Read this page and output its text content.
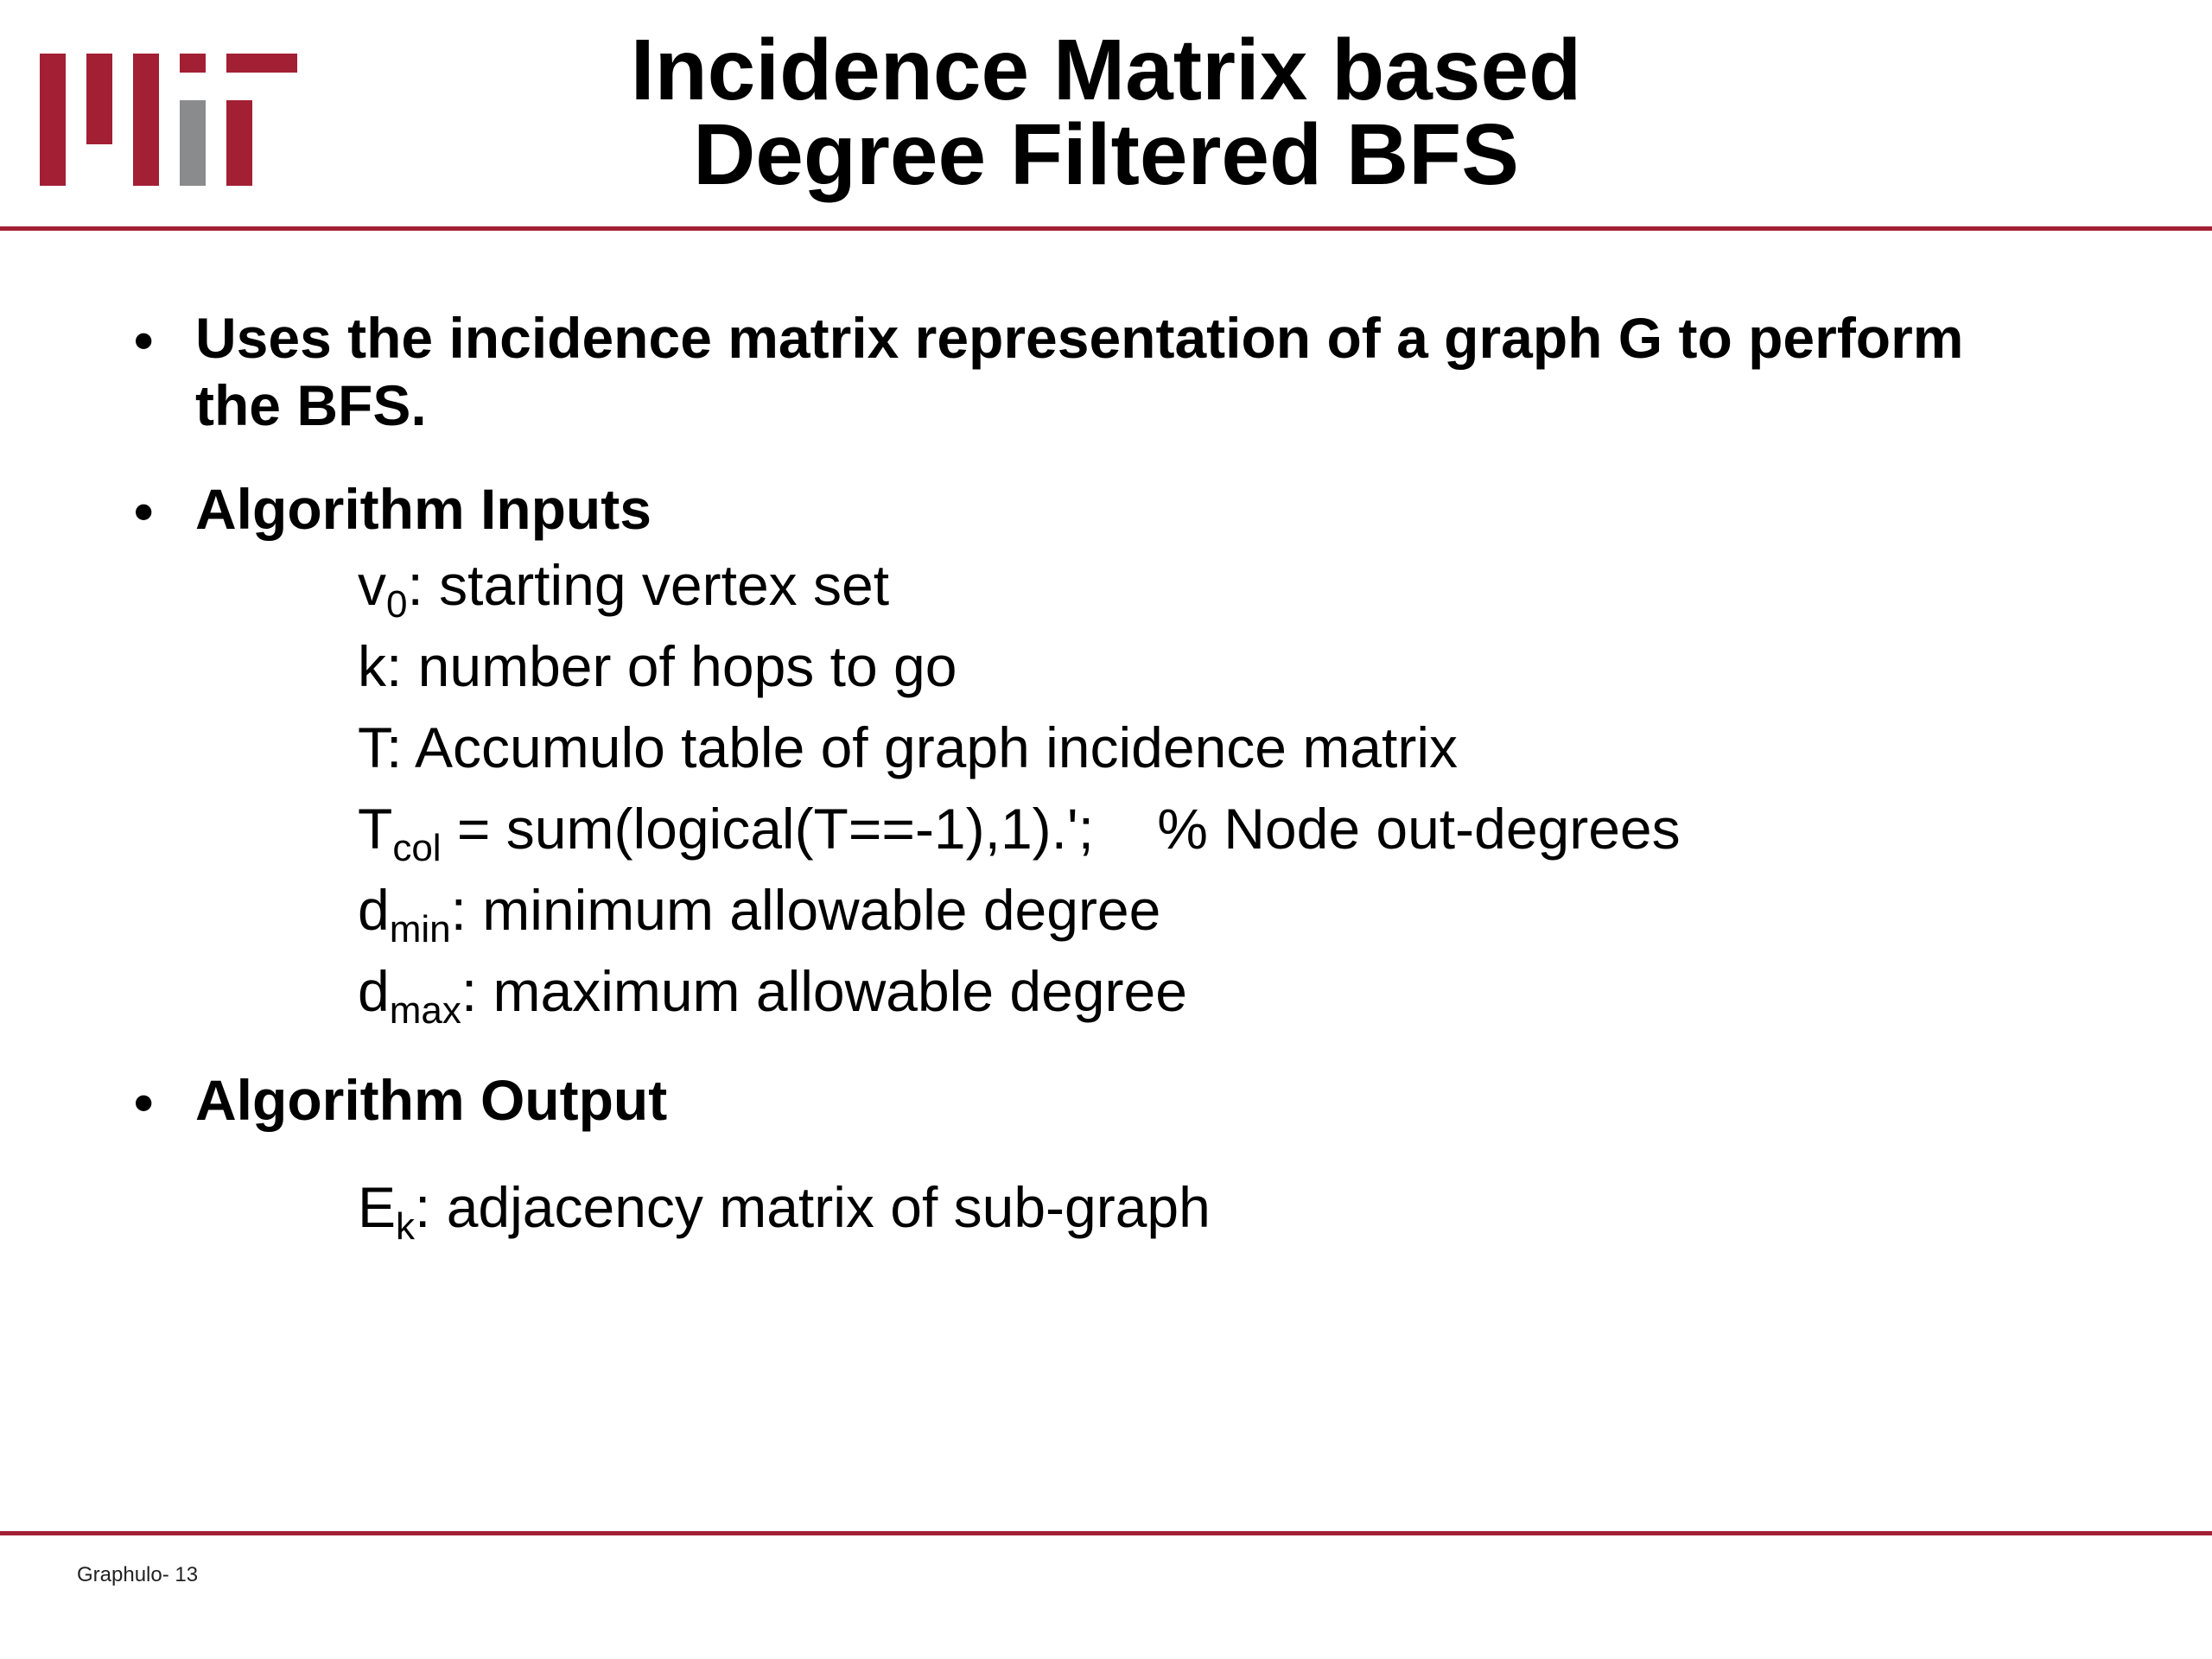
Incidence Matrix based
Degree Filtered BFS
• Uses the incidence matrix representation of a graph G to perform
the BFS.
• Algorithm Inputs
$v_0$: starting vertex set
k: number of hops to go
T: Accumulo table of graph incidence matrix
$T_{col}$ = sum(logical(T==-1),1).';    % Node out-degrees
$d_{min}$: minimum allowable degree
$d_{max}$: maximum allowable degree
• Algorithm Output
$E_k$: adjacency matrix of sub-graph
Graphulo- 13
